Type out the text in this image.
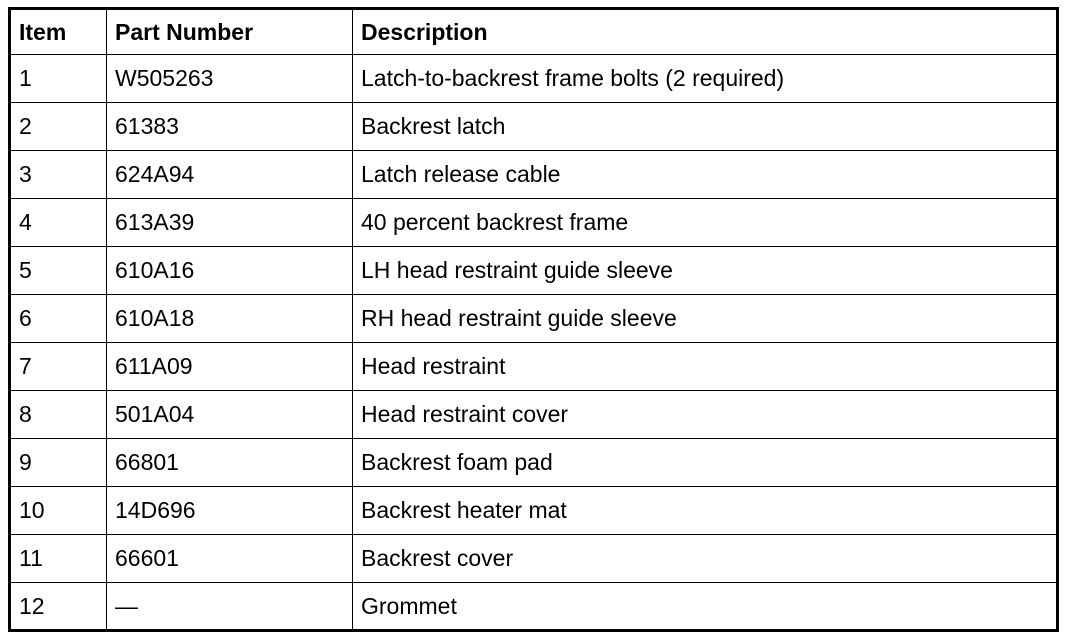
Item	Part Number	Description
1	W505263	Latch-to-backrest frame bolts (2 required)
2	61383	Backrest latch
3	624A94	Latch release cable
4	613A39	40 percent backrest frame
5	610A16	LH head restraint guide sleeve
6	610A18	RH head restraint guide sleeve
7	611A09	Head restraint
8	501A04	Head restraint cover
9	66801	Backrest foam pad
10	14D696	Backrest heater mat
11	66601	Backrest cover
12	—	Grommet
